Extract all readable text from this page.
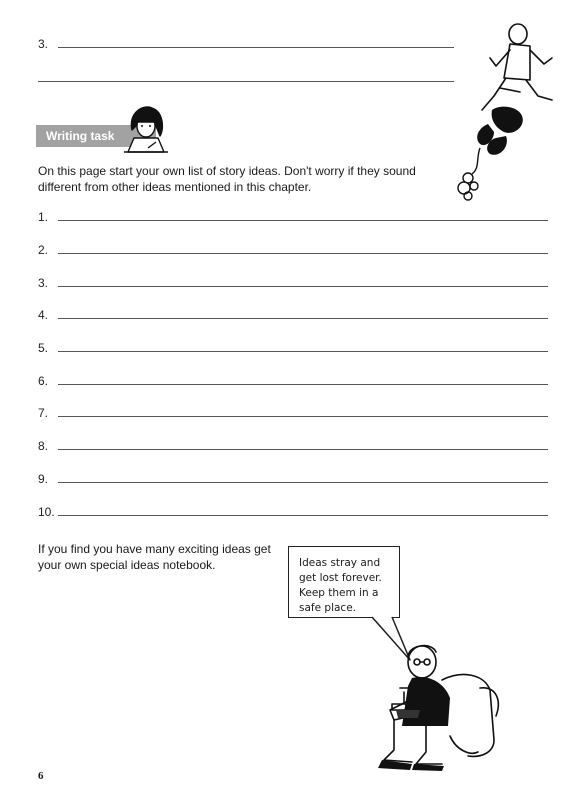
3.
Writing task
On this page start your own list of story ideas. Don't worry if they sound different from other ideas mentioned in this chapter.
1.
2.
3.
4.
5.
6.
7.
8.
9.
10.
If you find you have many exciting ideas get your own special ideas notebook.	Ideas stray and get lost forever. Keep them in a safe place.
6
